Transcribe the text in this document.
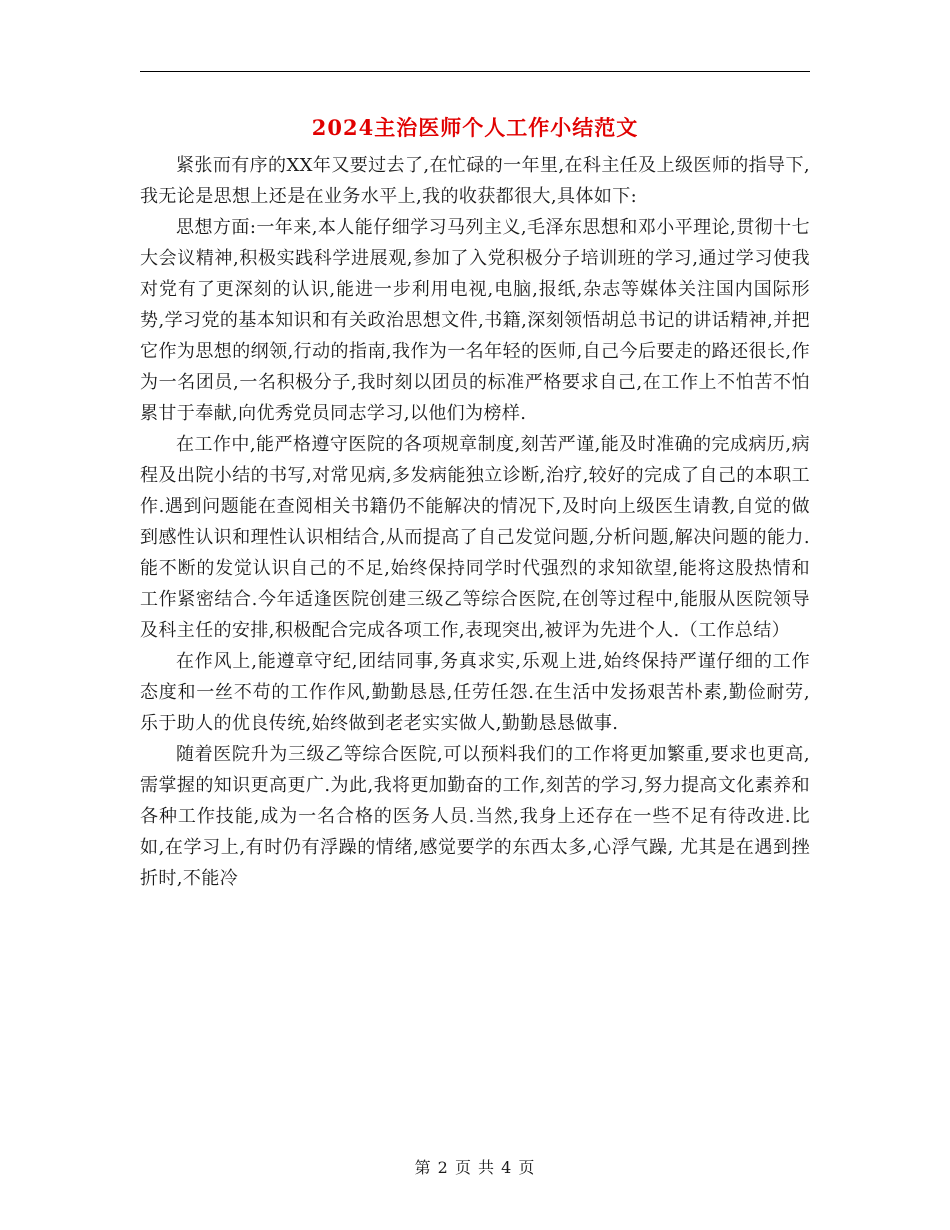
2024主治医师个人工作小结范文

紧张而有序的XX年又要过去了,在忙碌的一年里,在科主任及上级医师的指导下,我无论是思想上还是在业务水平上,我的收获都很大,具体如下:

思想方面:一年来,本人能仔细学习马列主义,毛泽东思想和邓小平理论,贯彻十七大会议精神,积极实践科学进展观,参加了入党积极分子培训班的学习,通过学习使我对党有了更深刻的认识,能进一步利用电视,电脑,报纸,杂志等媒体关注国内国际形势,学习党的基本知识和有关政治思想文件,书籍,深刻领悟胡总书记的讲话精神,并把它作为思想的纲领,行动的指南,我作为一名年轻的医师,自己今后要走的路还很长,作为一名团员,一名积极分子,我时刻以团员的标准严格要求自己,在工作上不怕苦不怕累甘于奉献,向优秀党员同志学习,以他们为榜样.

在工作中,能严格遵守医院的各项规章制度,刻苦严谨,能及时准确的完成病历,病程及出院小结的书写,对常见病,多发病能独立诊断,治疗,较好的完成了自己的本职工作.遇到问题能在查阅相关书籍仍不能解决的情况下,及时向上级医生请教,自觉的做到感性认识和理性认识相结合,从而提高了自己发觉问题,分析问题,解决问题的能力.能不断的发觉认识自己的不足,始终保持同学时代强烈的求知欲望,能将这股热情和工作紧密结合.今年适逢医院创建三级乙等综合医院,在创等过程中,能服从医院领导及科主任的安排,积极配合完成各项工作,表现突出,被评为先进个人.（工作总结）

在作风上,能遵章守纪,团结同事,务真求实,乐观上进,始终保持严谨仔细的工作态度和一丝不苟的工作作风,勤勤恳恳,任劳任怨.在生活中发扬艰苦朴素,勤俭耐劳,乐于助人的优良传统,始终做到老老实实做人,勤勤恳恳做事.

随着医院升为三级乙等综合医院,可以预料我们的工作将更加繁重,要求也更高,需掌握的知识更高更广.为此,我将更加勤奋的工作,刻苦的学习,努力提高文化素养和各种工作技能,成为一名合格的医务人员.当然,我身上还存在一些不足有待改进.比如,在学习上,有时仍有浮躁的情绪,感觉要学的东西太多,心浮气躁, 尤其是在遇到挫折时,不能冷

第 2 页 共 4 页
